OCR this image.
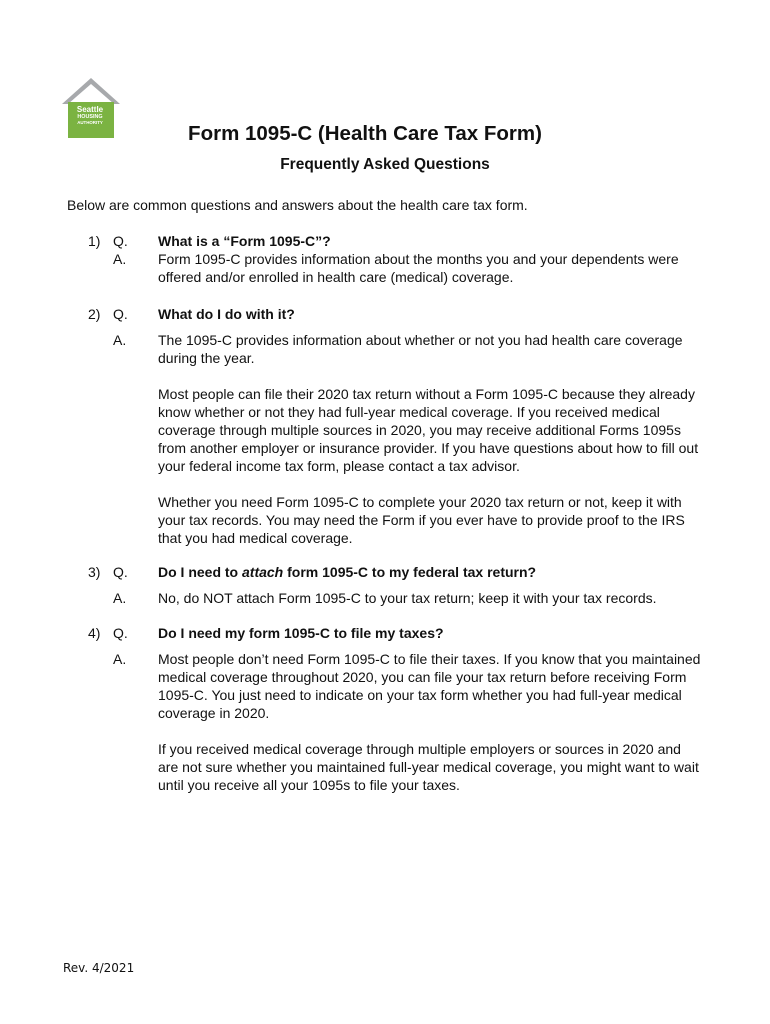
Seattle
HOUSING
AUTHORITY	Form 1095-C (Health Care Tax Form)
Frequently Asked Questions

Below are common questions and answers about the health care tax form.

1) Q. What is a “Form 1095-C”?
A. Form 1095-C provides information about the months you and your dependents were offered and/or enrolled in health care (medical) coverage.

2) Q. What do I do with it?
A. The 1095-C provides information about whether or not you had health care coverage during the year.

Most people can file their 2020 tax return without a Form 1095-C because they already know whether or not they had full-year medical coverage. If you received medical coverage through multiple sources in 2020, you may receive additional Forms 1095s from another employer or insurance provider. If you have questions about how to fill out your federal income tax form, please contact a tax advisor.

Whether you need Form 1095-C to complete your 2020 tax return or not, keep it with your tax records. You may need the Form if you ever have to provide proof to the IRS that you had medical coverage.

3) Q. Do I need to attach form 1095-C to my federal tax return?
A. No, do NOT attach Form 1095-C to your tax return; keep it with your tax records.

4) Q. Do I need my form 1095-C to file my taxes?
A. Most people don’t need Form 1095-C to file their taxes. If you know that you maintained medical coverage throughout 2020, you can file your tax return before receiving Form 1095-C. You just need to indicate on your tax form whether you had full-year medical coverage in 2020.

If you received medical coverage through multiple employers or sources in 2020 and are not sure whether you maintained full-year medical coverage, you might want to wait until you receive all your 1095s to file your taxes.

Rev. 4/2021
